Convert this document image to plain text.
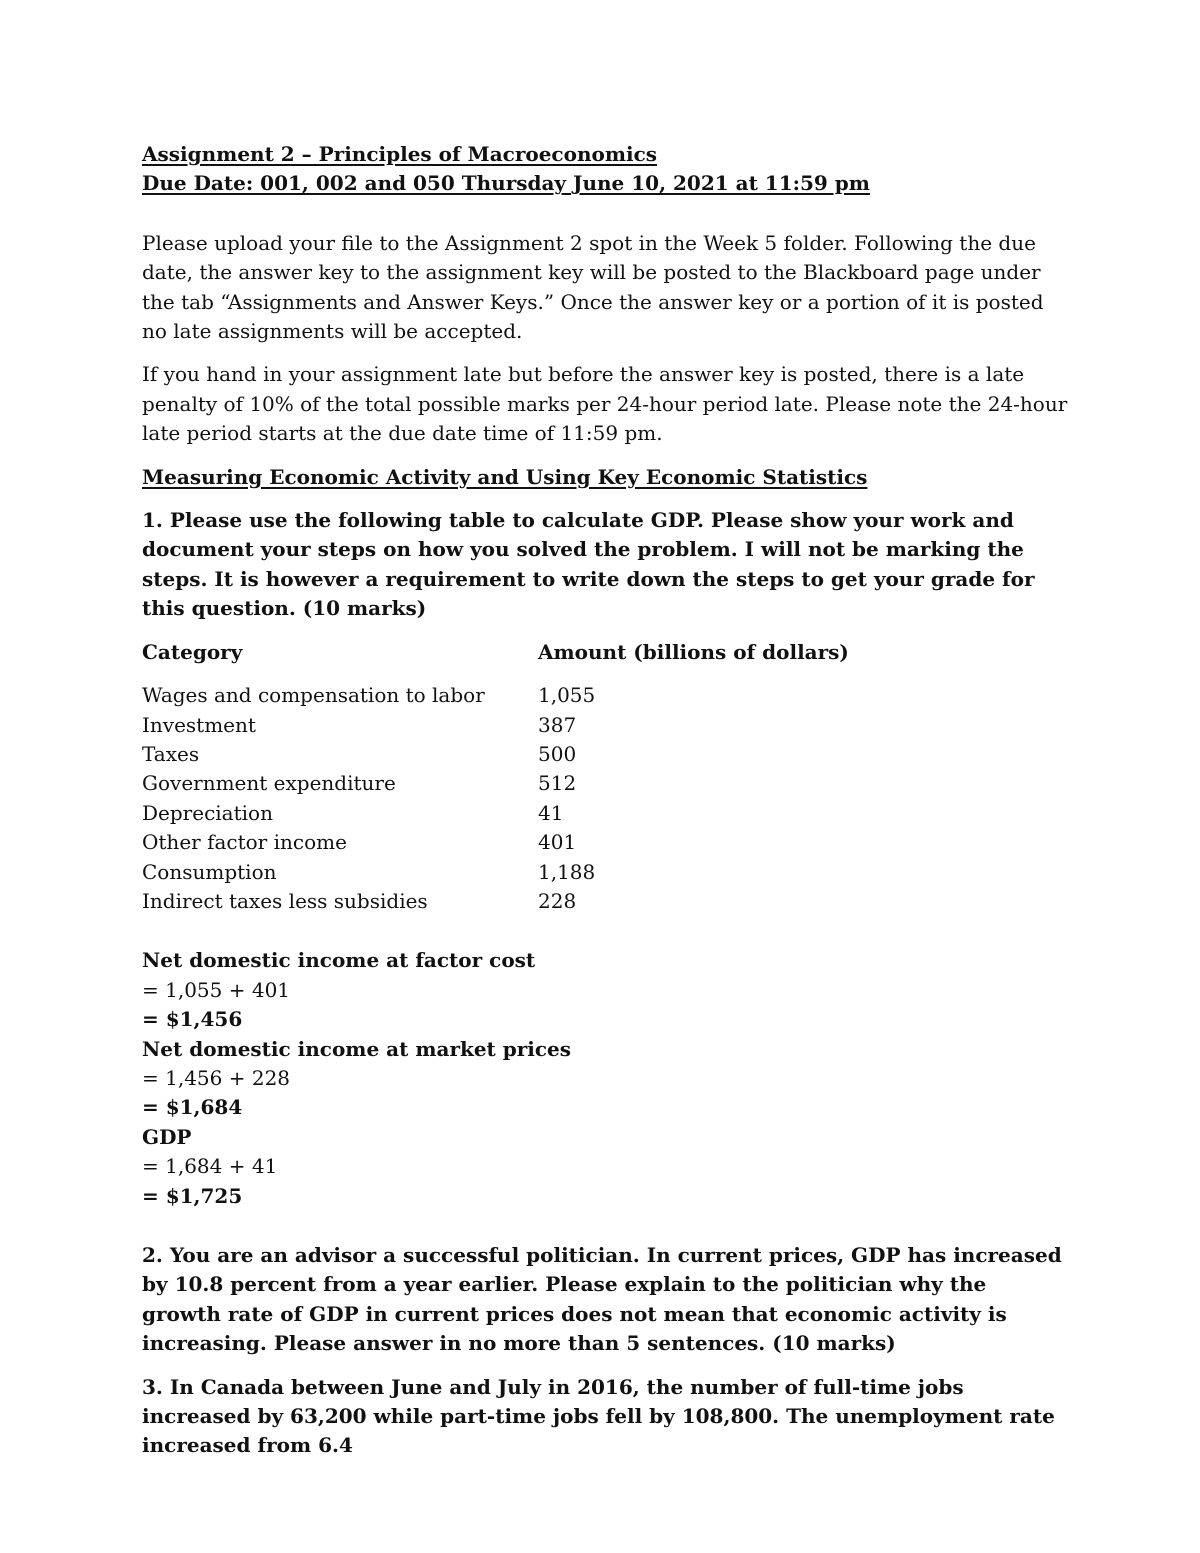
Assignment 2 – Principles of Macroeconomics
Due Date: 001, 002 and 050 Thursday June 10, 2021 at 11:59 pm

Please upload your file to the Assignment 2 spot in the Week 5 folder. Following the due date, the answer key to the assignment key will be posted to the Blackboard page under the tab “Assignments and Answer Keys.” Once the answer key or a portion of it is posted no late assignments will be accepted.

If you hand in your assignment late but before the answer key is posted, there is a late penalty of 10% of the total possible marks per 24-hour period late. Please note the 24-hour late period starts at the due date time of 11:59 pm.

Measuring Economic Activity and Using Key Economic Statistics

1. Please use the following table to calculate GDP. Please show your work and document your steps on how you solved the problem. I will not be marking the steps. It is however a requirement to write down the steps to get your grade for this question. (10 marks)

Category	Amount (billions of dollars)
Wages and compensation to labor	1,055
Investment	387
Taxes	500
Government expenditure	512
Depreciation	41
Other factor income	401
Consumption	1,188
Indirect taxes less subsidies	228
Net domestic income at factor cost
= 1,055 + 401
= $1,456
Net domestic income at market prices
= 1,456 + 228
= $1,684
GDP
= 1,684 + 41
= $1,725

2. You are an advisor a successful politician. In current prices, GDP has increased by 10.8 percent from a year earlier. Please explain to the politician why the growth rate of GDP in current prices does not mean that economic activity is increasing. Please answer in no more than 5 sentences. (10 marks)

3. In Canada between June and July in 2016, the number of full-time jobs increased by 63,200 while part-time jobs fell by 108,800. The unemployment rate increased from 6.4
